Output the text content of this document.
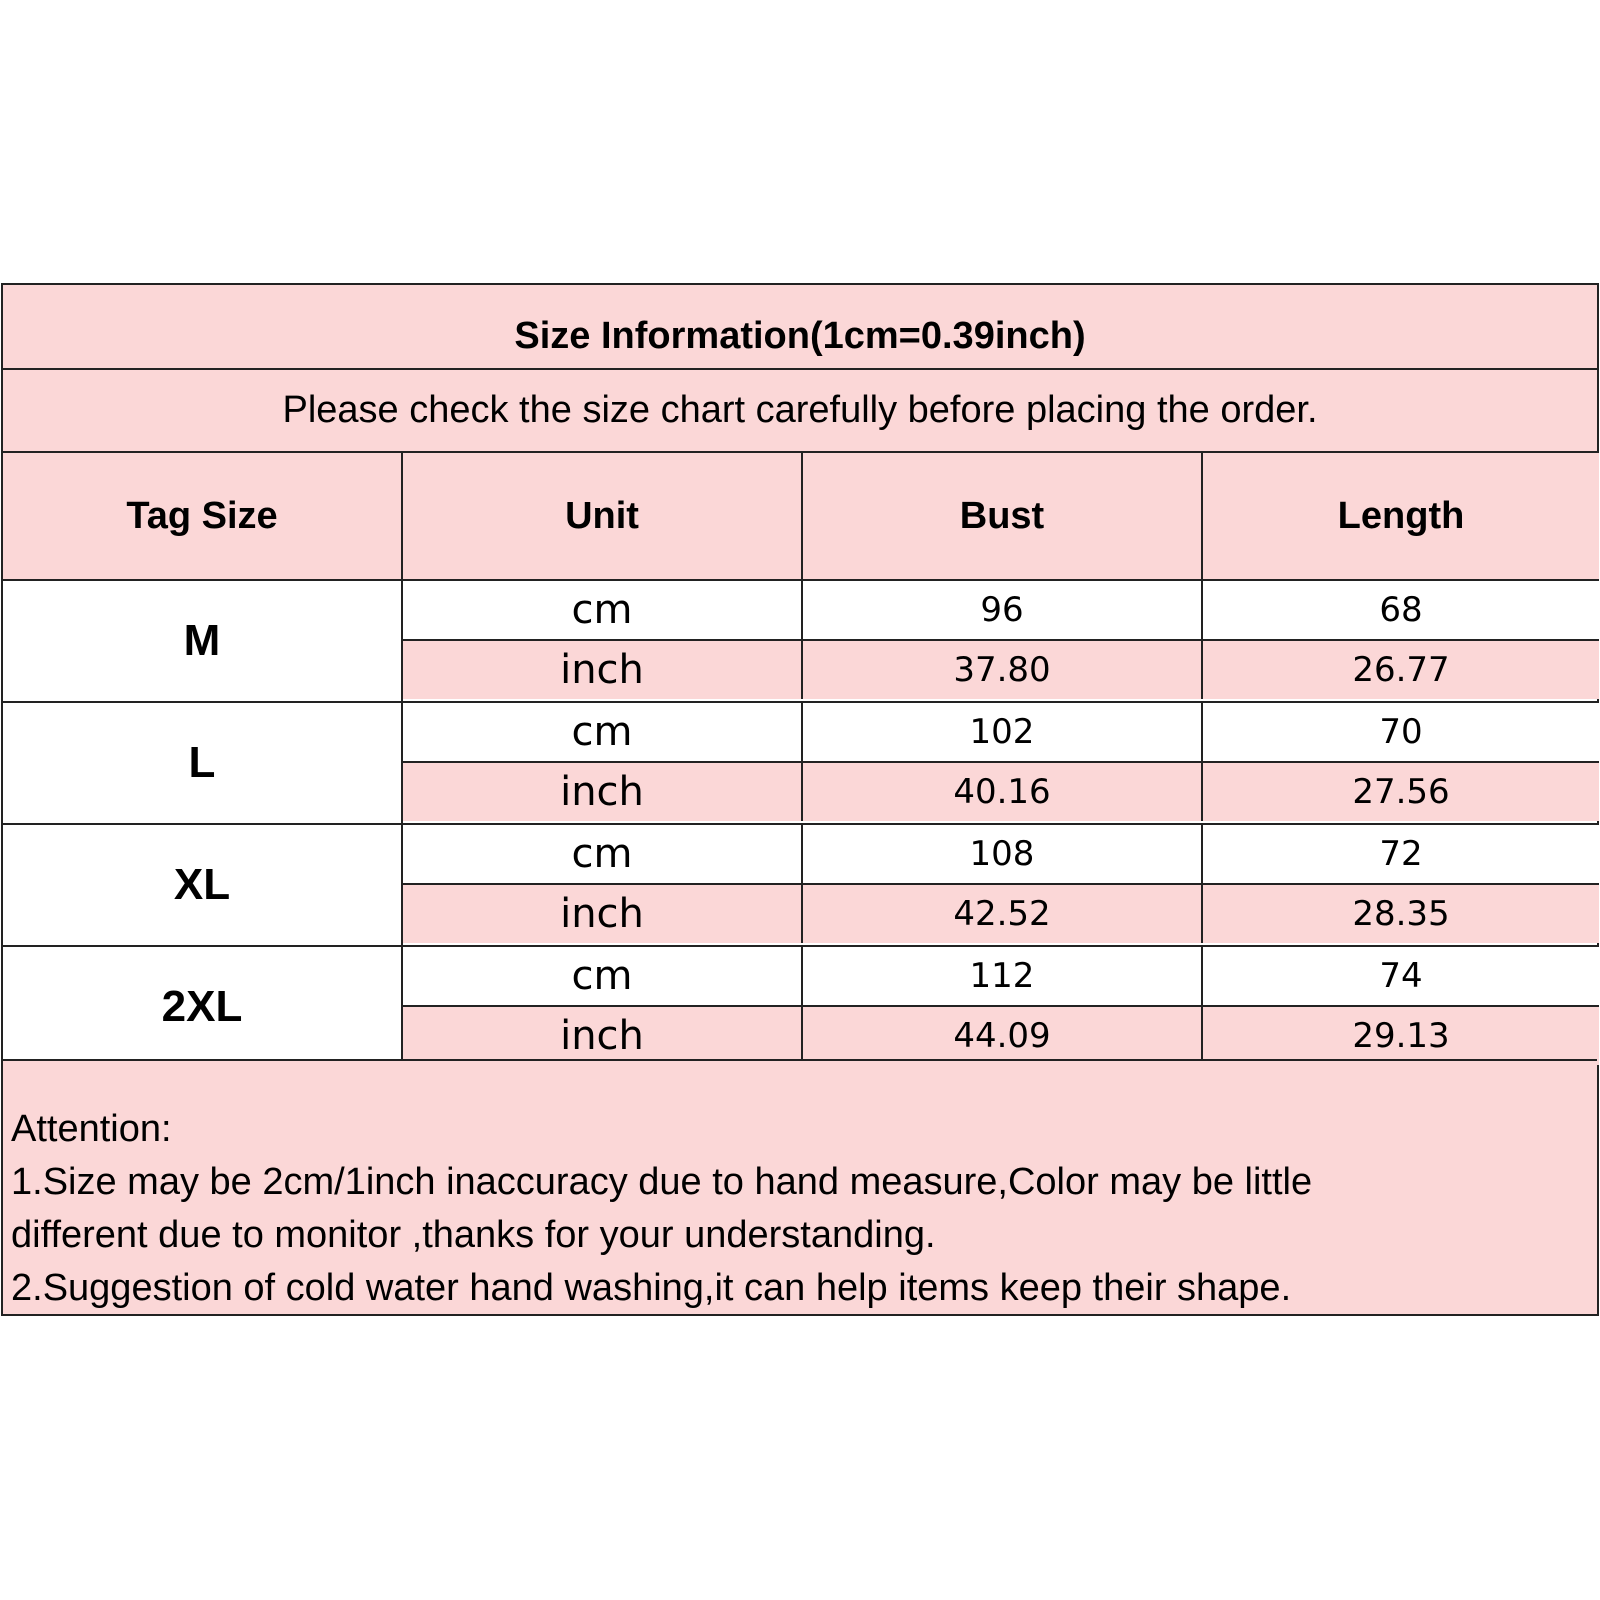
Size Information(1cm=0.39inch)
Please check the size chart carefully before placing the order.
Tag Size	Unit	Bust	Length
M
cm	96	68
inch	37.80	26.77
L
cm	102	70
inch	40.16	27.56
XL
cm	108	72
inch	42.52	28.35
2XL
cm	112	74
inch	44.09	29.13
Attention:
1.Size may be 2cm/1inch inaccuracy due to hand measure,Color may be little
different due to monitor ,thanks for your understanding.
2.Suggestion of cold water hand washing,it can help items keep their shape.
